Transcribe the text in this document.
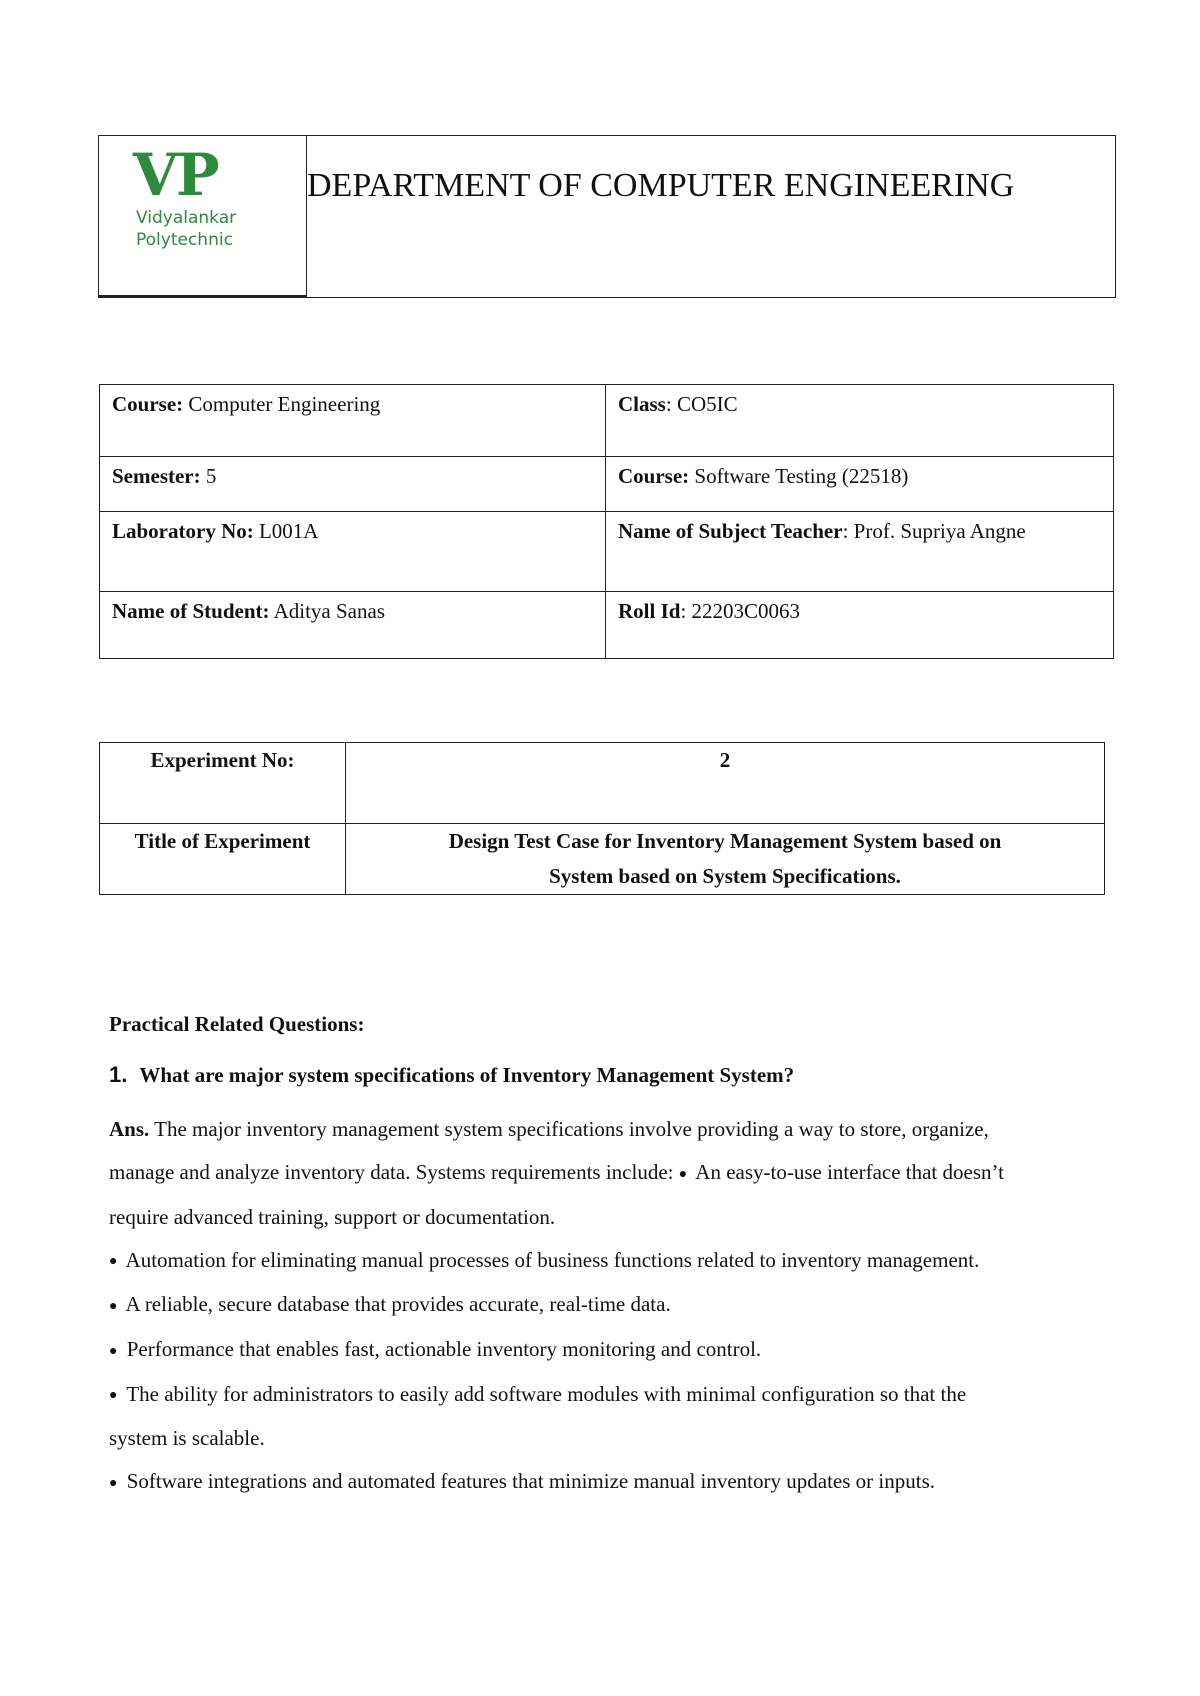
VP
Vidyalankar
Polytechnic
DEPARTMENT OF COMPUTER ENGINEERING
Course: Computer Engineering	Class: CO5IC
Semester: 5	Course: Software Testing (22518)
Laboratory No: L001A	Name of Subject Teacher: Prof. Supriya Angne
Name of Student: Aditya Sanas	Roll Id: 22203C0063
Experiment No:	2
Title of Experiment	Design Test Case for Inventory Management System based on
System based on System Specifications.
Practical Related Questions:
1. What are major system specifications of Inventory Management System?

Ans. The major inventory management system specifications involve providing a way to store, organize, manage and analyze inventory data. Systems requirements include: ● An easy-to-use interface that doesn’t require advanced training, support or documentation.

● Automation for eliminating manual processes of business functions related to inventory management.

● A reliable, secure database that provides accurate, real-time data.

● Performance that enables fast, actionable inventory monitoring and control.

● The ability for administrators to easily add software modules with minimal configuration so that the system is scalable.

● Software integrations and automated features that minimize manual inventory updates or inputs.
